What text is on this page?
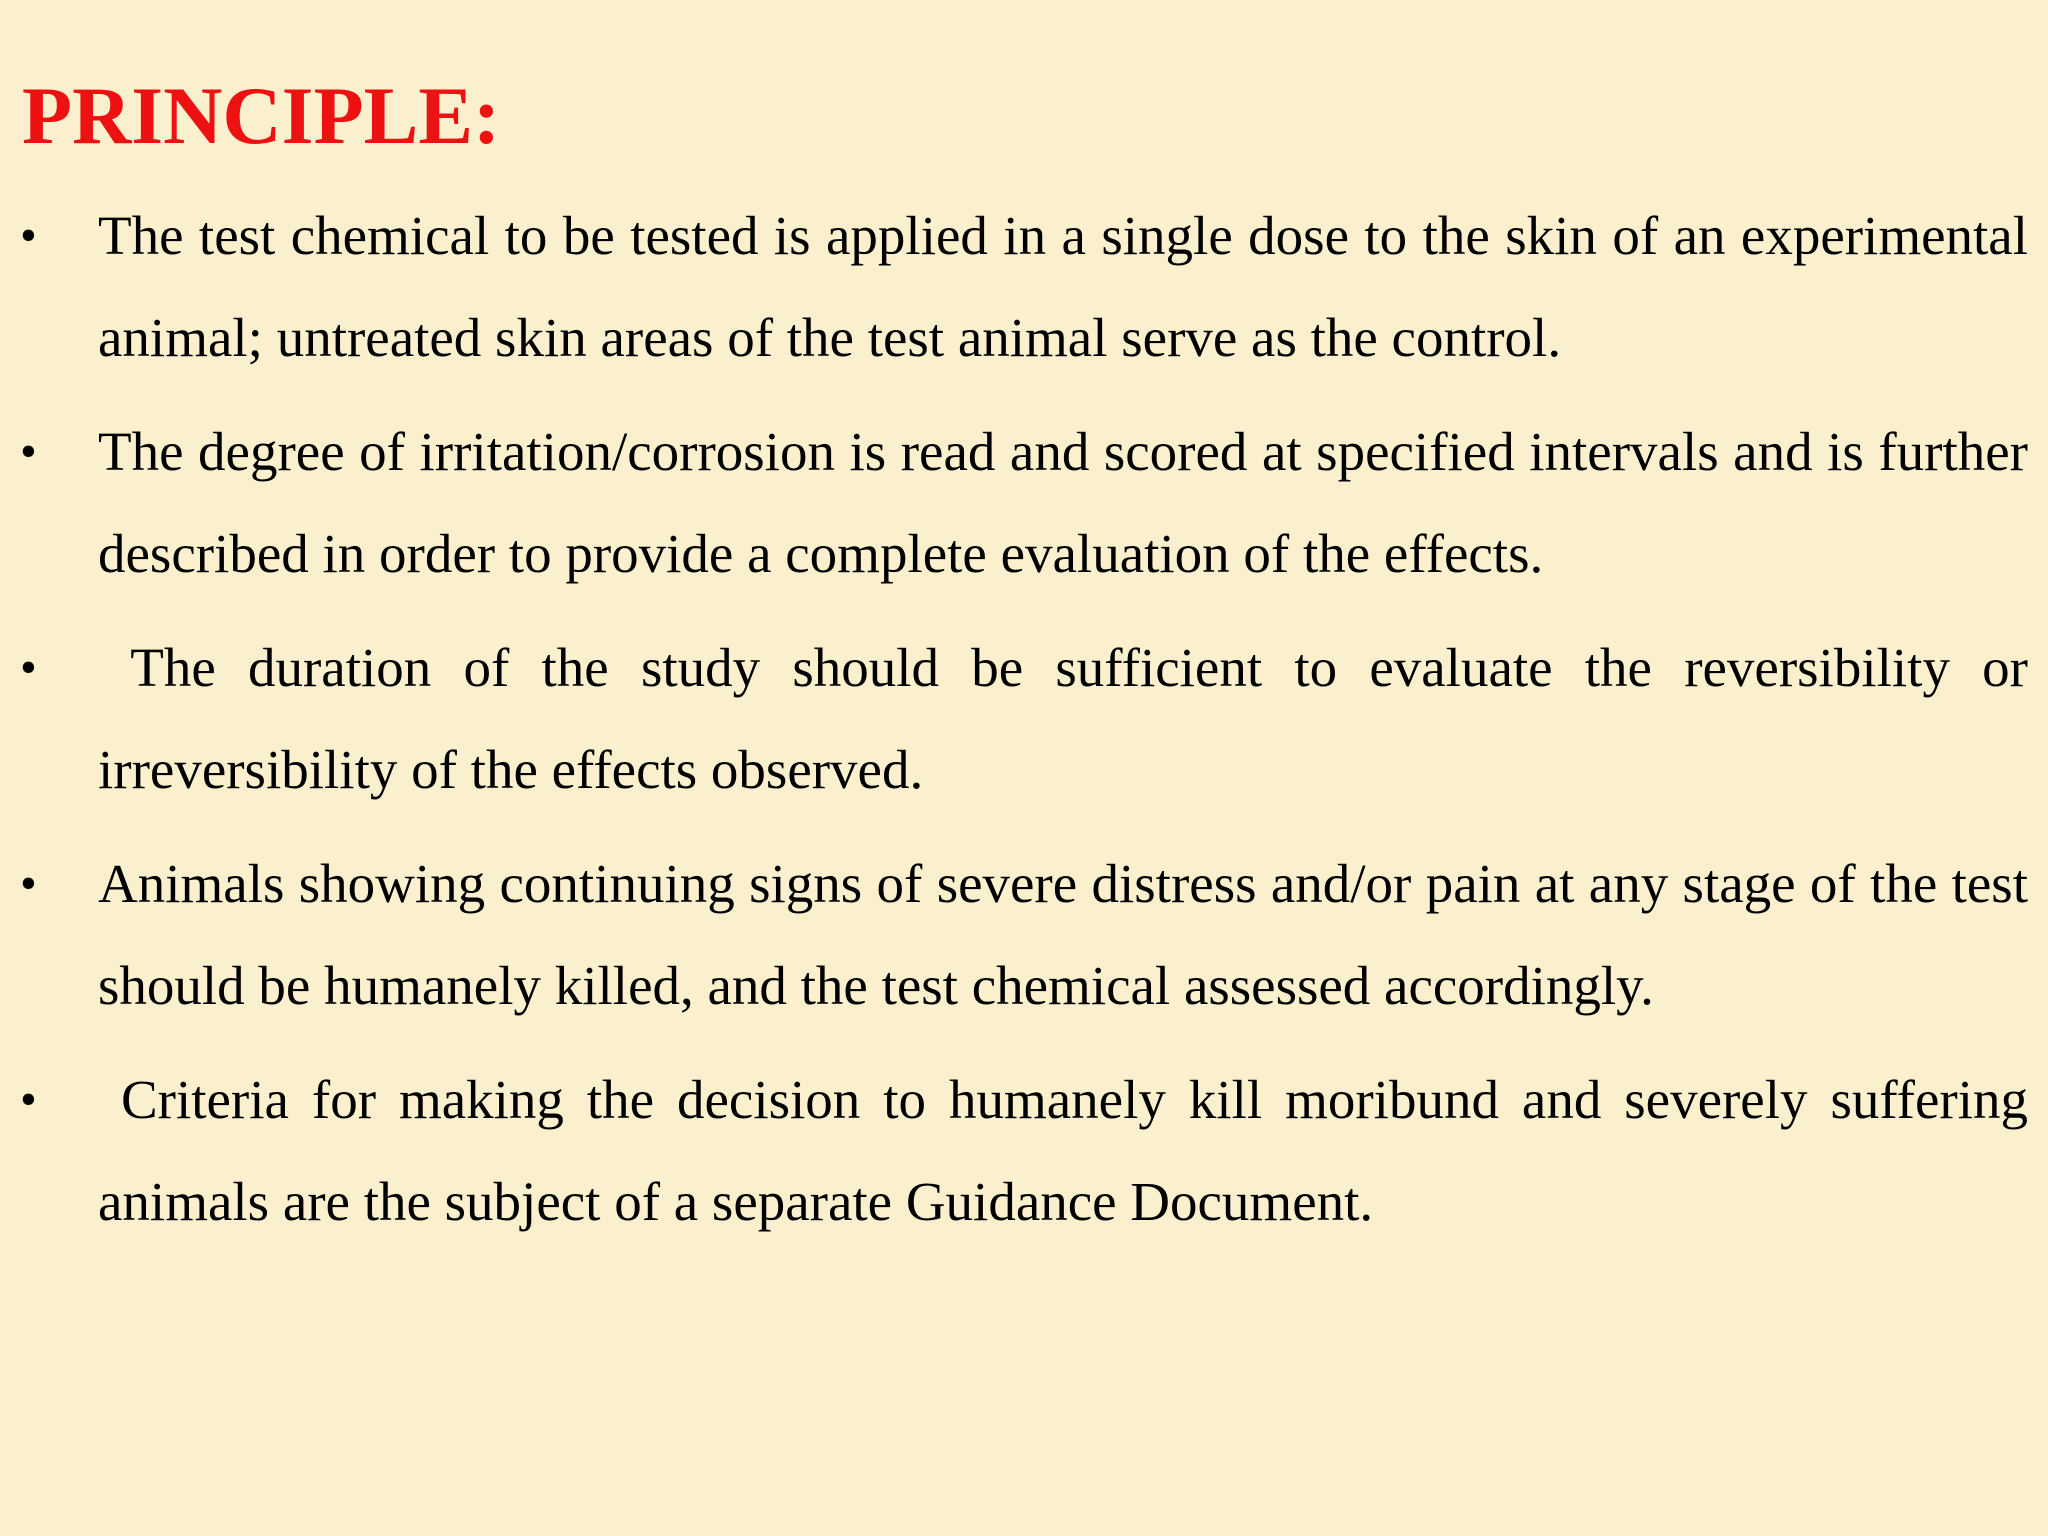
PRINCIPLE:
• The test chemical to be tested is applied in a single dose to the skin of an experimental animal; untreated skin areas of the test animal serve as the control.
• The degree of irritation/corrosion is read and scored at specified intervals and is further described in order to provide a complete evaluation of the effects.
• The duration of the study should be sufficient to evaluate the reversibility or irreversibility of the effects observed.
• Animals showing continuing signs of severe distress and/or pain at any stage of the test should be humanely killed, and the test chemical assessed accordingly.
• Criteria for making the decision to humanely kill moribund and severely suffering animals are the subject of a separate Guidance Document.
